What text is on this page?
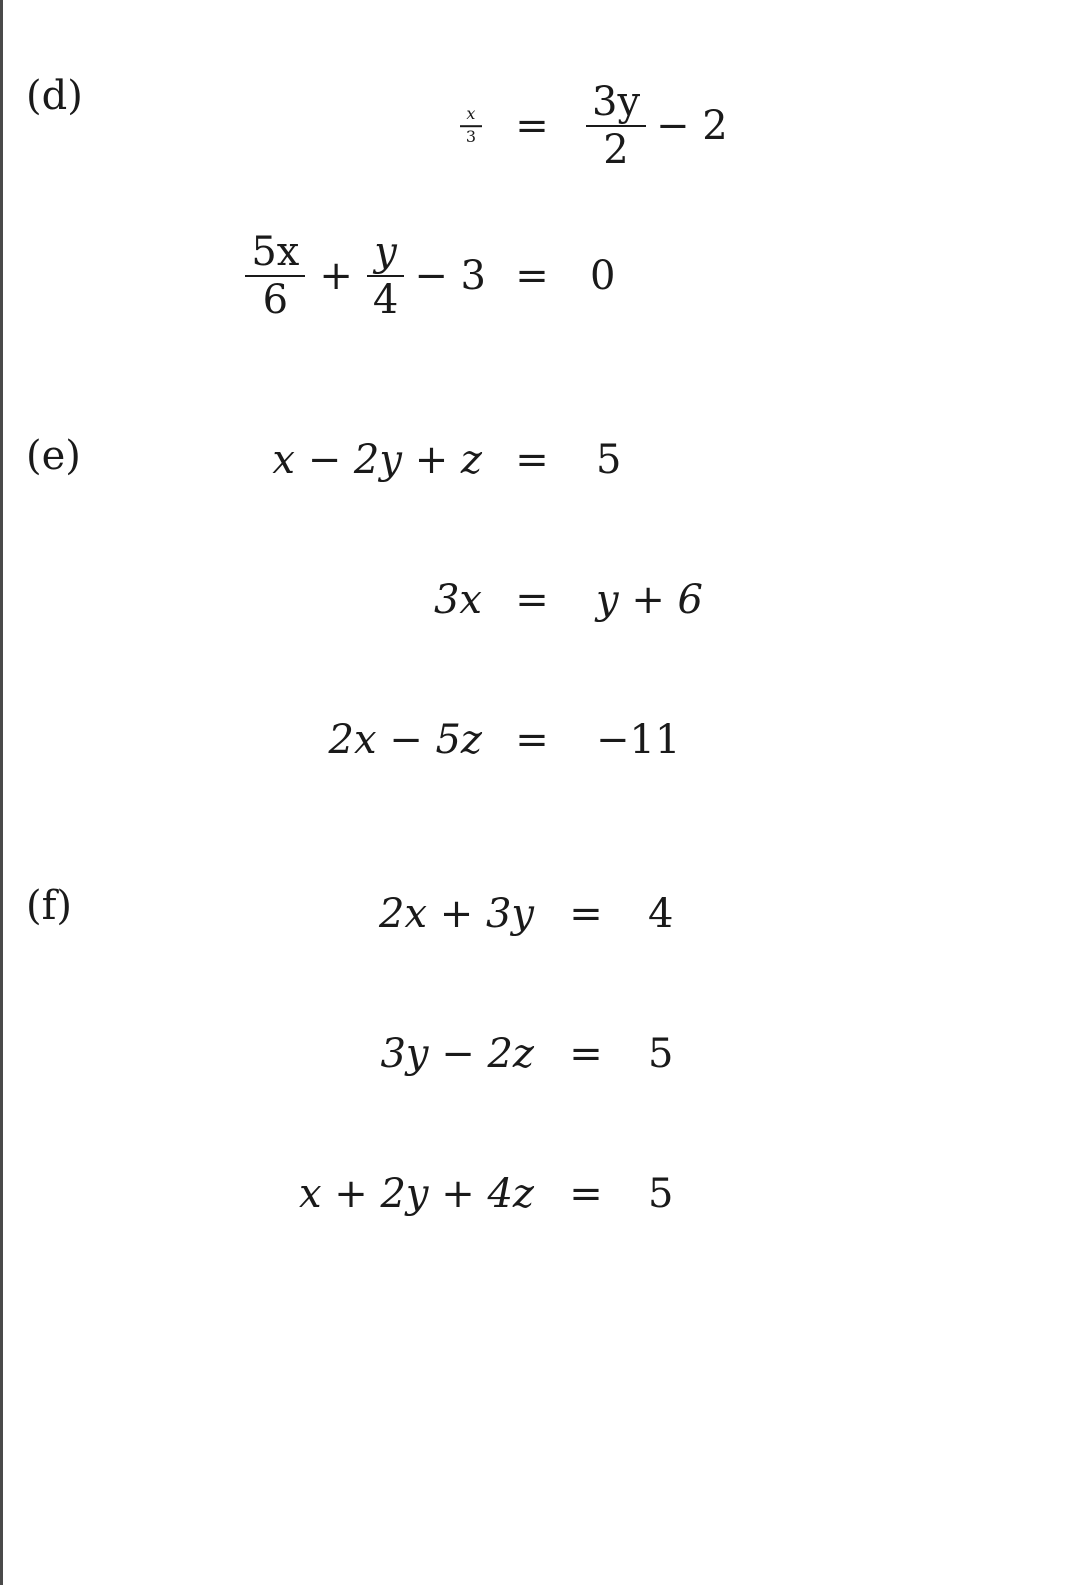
(d)
$\frac{x}{3} = \frac{3y}{2} - 2$
$\frac{5x}{6} + \frac{y}{4} - 3$ =	0
(e)	x − 2y + z =	5
3x =	y + 6
2x − 5z =	−11
(f)	2x + 3y =	4
3y − 2z =	5
x + 2y + 4z =	5
